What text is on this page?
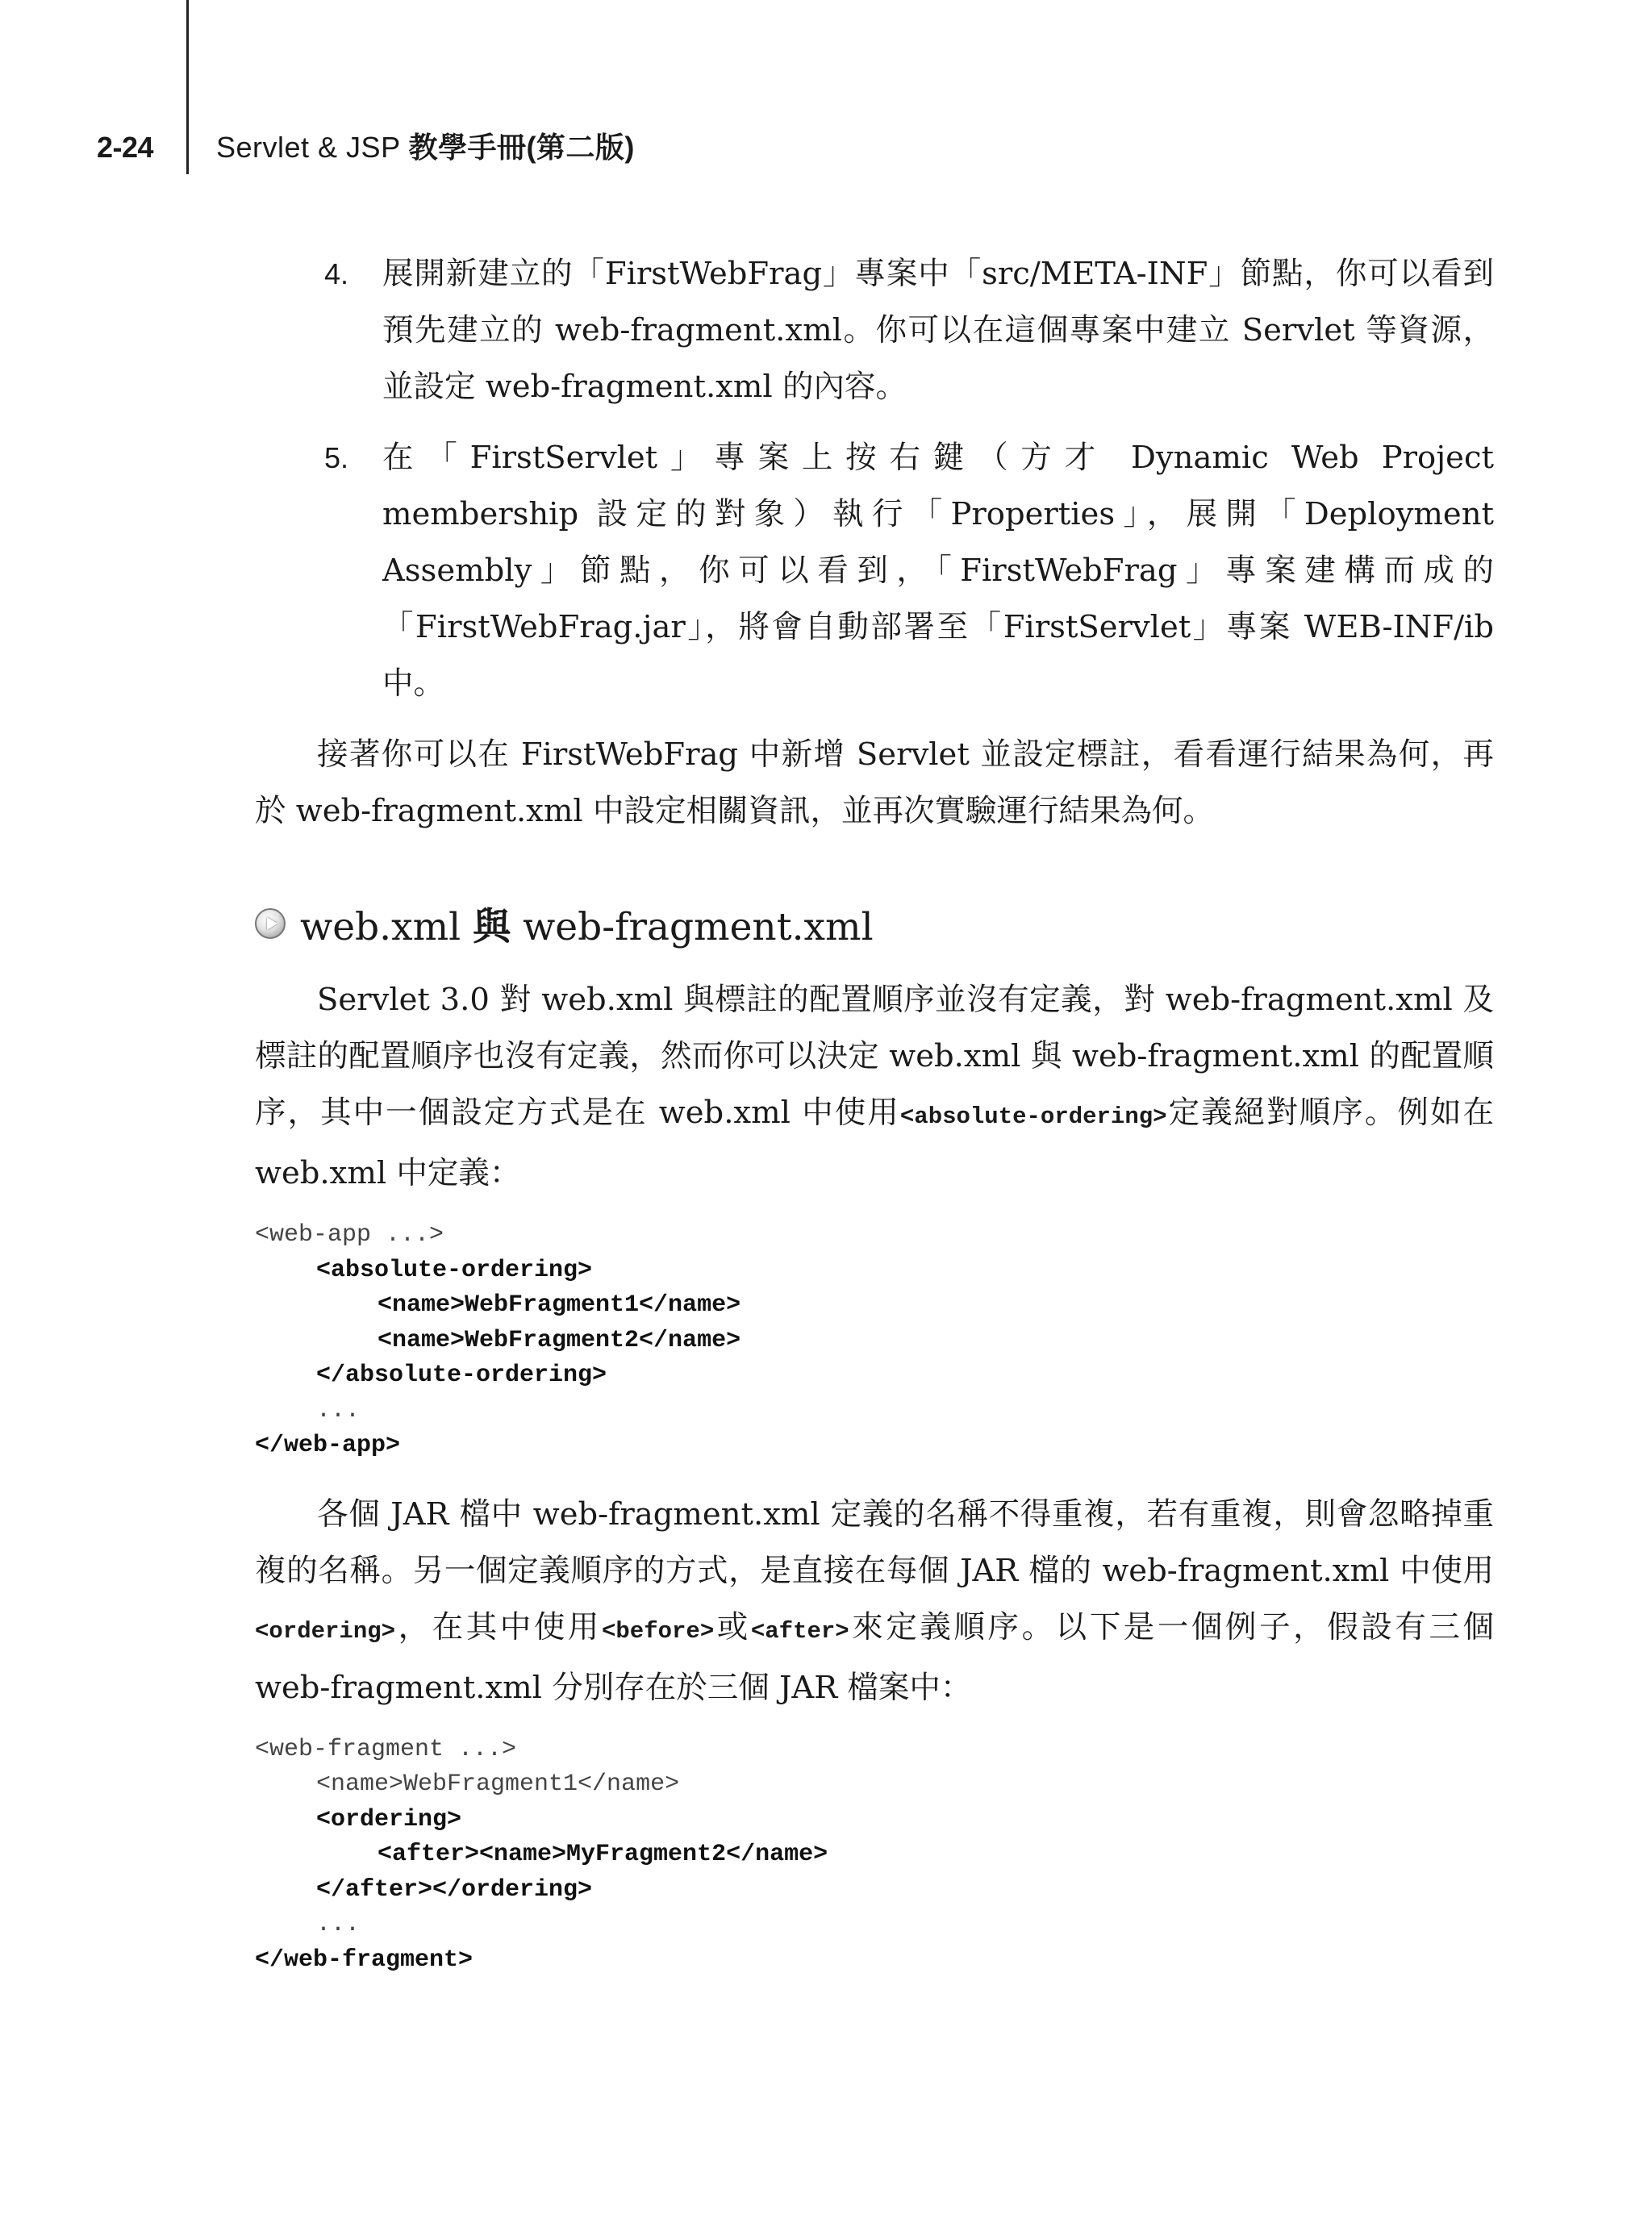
2-24 Servlet & JSP 教學手冊(第二版)
4. 展開新建立的「FirstWebFrag」專案中「src/META-INF」節點，你可以看到預先建立的 web-fragment.xml。你可以在這個專案中建立 Servlet 等資源，並設定 web-fragment.xml 的內容。
5. 在「FirstServlet」專案上按右鍵（方才 Dynamic Web Project membership 設定的對象）執行「Properties」，展開「Deployment Assembly」節點，你可以看到，「FirstWebFrag」專案建構而成的「FirstWebFrag.jar」，將會自動部署至「FirstServlet」專案 WEB-INF/ib 中。

接著你可以在 FirstWebFrag 中新增 Servlet 並設定標註，看看運行結果為何，再於 web-fragment.xml 中設定相關資訊，並再次實驗運行結果為何。

web.xml 與 web-fragment.xml

Servlet 3.0 對 web.xml 與標註的配置順序並沒有定義，對 web-fragment.xml 及標註的配置順序也沒有定義，然而你可以決定 web.xml 與 web-fragment.xml 的配置順序，其中一個設定方式是在 web.xml 中使用<absolute-ordering>定義絕對順序。例如在 web.xml 中定義：

<web-app ...>
<absolute-ordering>
<name>WebFragment1</name>
<name>WebFragment2</name>
</absolute-ordering>
...
</web-app>

各個 JAR 檔中 web-fragment.xml 定義的名稱不得重複，若有重複，則會忽略掉重複的名稱。另一個定義順序的方式，是直接在每個 JAR 檔的 web-fragment.xml 中使用<ordering>，在其中使用<before>或<after>來定義順序。以下是一個例子，假設有三個 web-fragment.xml 分別存在於三個 JAR 檔案中：

<web-fragment ...>
<name>WebFragment1</name>
<ordering>
<after><name>MyFragment2</name>
</after></ordering>
...
</web-fragment>
